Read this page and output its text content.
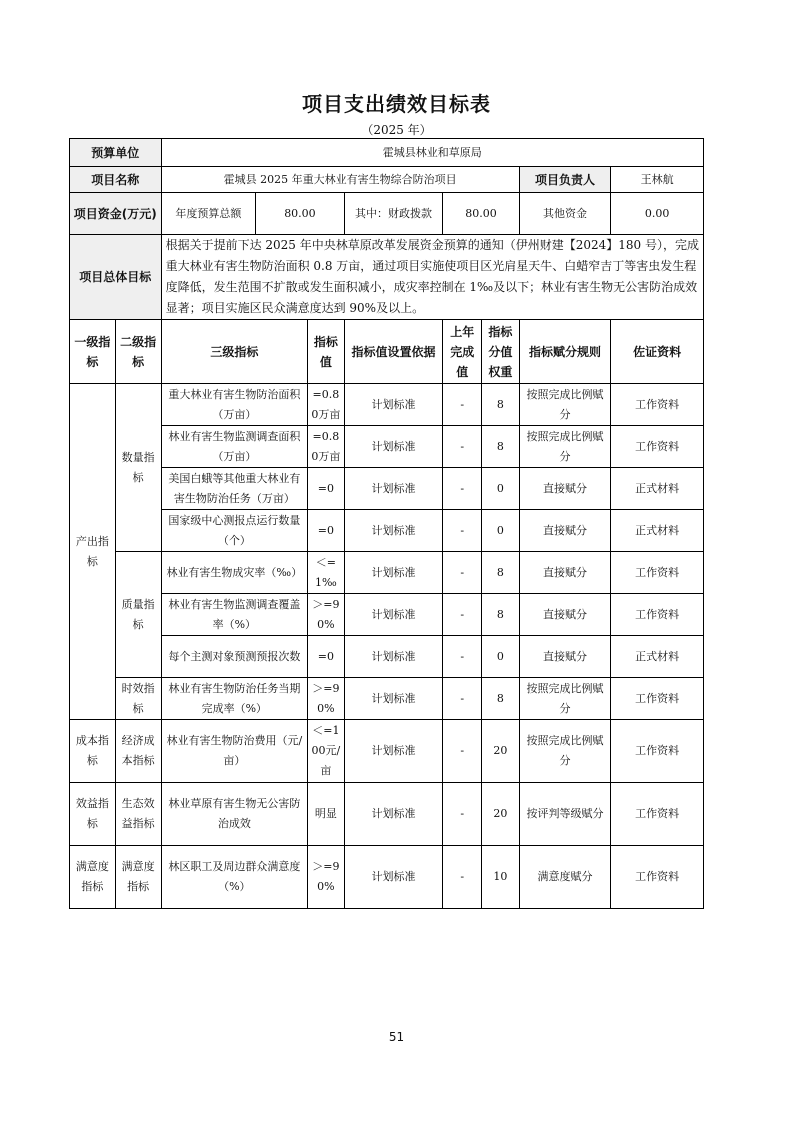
项目支出绩效目标表
（2025 年）
预算单位		霍城县林业和草原局							
项目名称		霍城县 2025 年重大林业有害生物综合防治项目						项目负责人	王林航
项目资金(万元)		年度预算总额	80.00		其中：财政拨款	80.00		其他资金	0.00
项目总体目标		根据关于提前下达 2025 年中央林草原改革发展资金预算的通知（伊州财建【2024】180 号），完成重大林业有害生物防治面积 0.8 万亩，通过项目实施使项目区光肩星天牛、白蜡窄吉丁等害虫发生程度降低，发生范围不扩散或发生面积减小，成灾率控制在 1‰及以下；林业有害生物无公害防治成效显著；项目实施区民众满意度达到 90%及以上。							
一级指标	二级指标	三级指标		指标值	指标值设置依据	上年完成值	指标分值权重	指标赋分规则	佐证资料
产出指标	数量指标	重大林业有害生物防治面积（万亩）		=0.80万亩	计划标准	-	8	按照完成比例赋分	工作资料
		林业有害生物监测调查面积（万亩）		=0.80万亩	计划标准	-	8	按照完成比例赋分	工作资料
		美国白蛾等其他重大林业有害生物防治任务（万亩）		=0	计划标准	-	0	直接赋分	正式材料
		国家级中心测报点运行数量（个）		=0	计划标准	-	0	直接赋分	正式材料
	质量指标	林业有害生物成灾率（‰）		＜=1‰	计划标准	-	8	直接赋分	工作资料
		林业有害生物监测调查覆盖率（%）		＞=90%	计划标准	-	8	直接赋分	工作资料
		每个主测对象预测预报次数		=0	计划标准	-	0	直接赋分	正式材料
	时效指标	林业有害生物防治任务当期完成率（%）		＞=90%	计划标准	-	8	按照完成比例赋分	工作资料
成本指标	经济成本指标	林业有害生物防治费用（元/亩）		＜=100元/亩	计划标准	-	20	按照完成比例赋分	工作资料
效益指标	生态效益指标	林业草原有害生物无公害防治成效		明显	计划标准	-	20	按评判等级赋分	工作资料
满意度指标	满意度指标	林区职工及周边群众满意度（%）		＞=90%	计划标准	-	10	满意度赋分	工作资料
51
